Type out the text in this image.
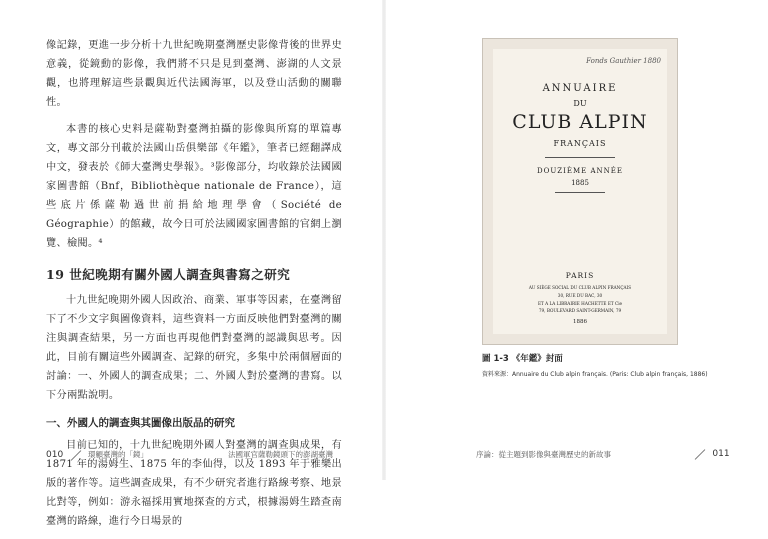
像記錄，更進一步分析十九世紀晚期臺灣歷史影像背後的世界史意義，從鏡動的影像，我們將不只是見到臺灣、澎湖的人文景觀，也將理解這些景觀與近代法國海軍，以及登山活動的關聯性。

本書的核心史料是薩勒對臺灣拍攝的影像與所寫的單篇專文，專文部分刊載於法國山岳俱樂部《年鑑》，筆者已經翻譯成中文，發表於《師大臺灣史學報》。³影像部分，均收錄於法國國家圖書館（Bnf，Bibliothèque nationale de France），這些底片係薩勒過世前捐給地理學會（Société de Géographie）的館藏，故今日可於法國國家圖書館的官網上瀏覽、檢閱。⁴

19 世紀晚期有關外國人調查與書寫之研究

十九世紀晚期外國人因政治、商業、軍事等因素，在臺灣留下了不少文字與圖像資料，這些資料一方面反映他們對臺灣的關注與調查結果，另一方面也再現他們對臺灣的認識與思考。因此，目前有關這些外國調查、記錄的研究，多集中於兩個層面的討論：一、外國人的調查成果；二、外國人對於臺灣的書寫。以下分兩點說明。

一、外國人的調查與其圖像出版品的研究

目前已知的，十九世紀晚期外國人對臺灣的調查與成果，有 1871 年的湯姆生、1875 年的李仙得，以及 1893 年于雅樂出版的著作等。這些調查成果，有不少研究者進行路線考察、地景比對等，例如：游永福採用實地探查的方式，根據湯姆生踏查南臺灣的路線，進行今日場景的

010	環顧臺灣的「鏡」	法國軍官薩勒鏡頭下的澎湖臺灣
Fonds Gauthier 1880
ANNUAIRE
DU
CLUB ALPIN
FRANÇAIS
DOUZIÈME ANNÉE
1885
PARIS
AU SIÈGE SOCIAL DU CLUB ALPIN FRANÇAIS
30, RUE DU BAC, 30
ET A LA LIBRAIRIE HACHETTE ET Cie
79, BOULEVARD SAINT-GERMAIN, 79
1886
圖 1-3 《年鑑》封面
資料來源：Annuaire du Club alpin français. (Paris: Club alpin français, 1886)
序論：從主題到影像與臺灣歷史的新故事	011
